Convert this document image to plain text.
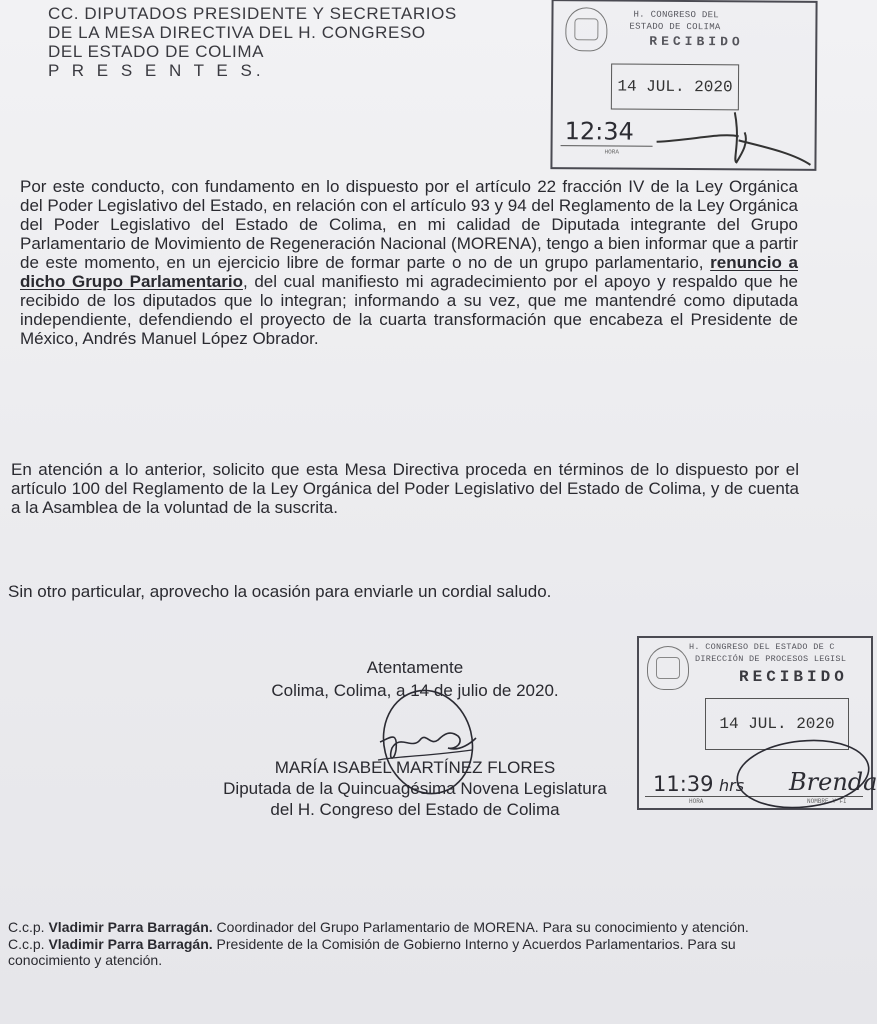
CC. DIPUTADOS PRESIDENTE Y SECRETARIOS
DE LA MESA DIRECTIVA DEL H. CONGRESO
DEL ESTADO DE COLIMA
P R E S E N T E S.
H. CONGRESO DEL
ESTADO DE COLIMA
RECIBIDO
14 JUL. 2020
12:34
HORA
Por este conducto, con fundamento en lo dispuesto por el artículo 22 fracción IV de la Ley Orgánica del Poder Legislativo del Estado, en relación con el artículo 93 y 94 del Reglamento de la Ley Orgánica del Poder Legislativo del Estado de Colima, en mi calidad de Diputada integrante del Grupo Parlamentario de Movimiento de Regeneración Nacional (MORENA), tengo a bien informar que a partir de este momento, en un ejercicio libre de formar parte o no de un grupo parlamentario, renuncio a dicho Grupo Parlamentario, del cual manifiesto mi agradecimiento por el apoyo y respaldo que he recibido de los diputados que lo integran; informando a su vez, que me mantendré como diputada independiente, defendiendo el proyecto de la cuarta transformación que encabeza el Presidente de México, Andrés Manuel López Obrador.
En atención a lo anterior, solicito que esta Mesa Directiva proceda en términos de lo dispuesto por el artículo 100 del Reglamento de la Ley Orgánica del Poder Legislativo del Estado de Colima, y de cuenta a la Asamblea de la voluntad de la suscrita.
Sin otro particular, aprovecho la ocasión para enviarle un cordial saludo.
Atentamente
Colima, Colima, a 14 de julio de 2020.
MARÍA ISABEL MARTÍNEZ FLORES
Diputada de la Quincuagésima Novena Legislatura
del H. Congreso del Estado de Colima
H. CONGRESO DEL ESTADO DE C
DIRECCIÓN DE PROCESOS LEGISL
RECIBIDO
14 JUL. 2020
11:39 hrs Brenda
HORA	NOMBRE Y FI
C.c.p. Vladimir Parra Barragán. Coordinador del Grupo Parlamentario de MORENA. Para su conocimiento y atención.
C.c.p. Vladimir Parra Barragán. Presidente de la Comisión de Gobierno Interno y Acuerdos Parlamentarios. Para su conocimiento y atención.
